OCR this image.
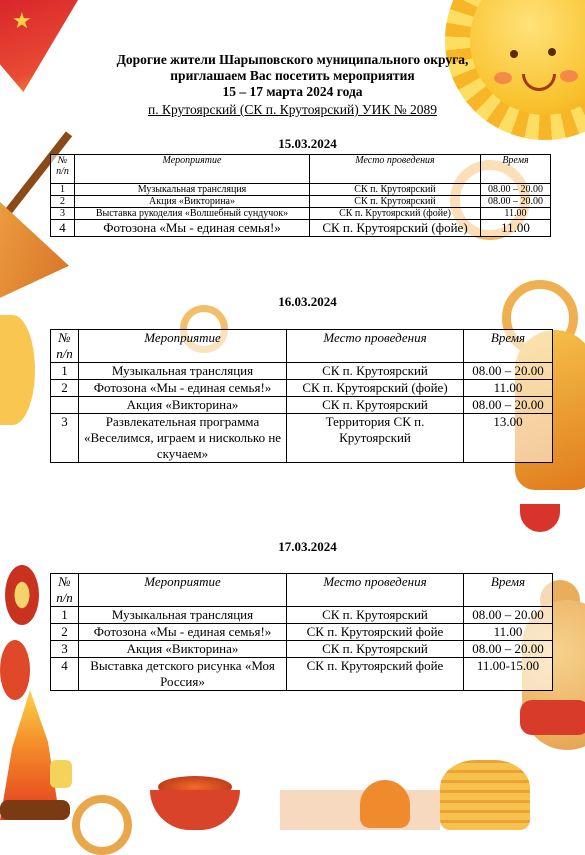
★
Дорогие жители Шарыповского муниципального округа,
приглашаем Вас посетить мероприятия
15 – 17 марта 2024 года
п. Крутоярский (СК п. Крутоярский) УИК № 2089
15.03.2024
№ п/п	Мероприятие	Место проведения	Время
1	Музыкальная трансляция	СК п. Крутоярский	08.00 – 20.00
2	Акция «Викторина»	СК п. Крутоярский	08.00 – 20.00
3	Выставка рукоделия «Волшебный сундучок»	СК п. Крутоярский (фойе)	11.00
4	Фотозона «Мы - единая семья!»	СК п. Крутоярский (фойе)	11.00
16.03.2024
№ п/п	Мероприятие	Место проведения	Время
1	Музыкальная трансляция	СК п. Крутоярский	08.00 – 20.00
2	Фотозона «Мы - единая семья!»	СК п. Крутоярский (фойе)	11.00
	Акция «Викторина»	СК п. Крутоярский	08.00 – 20.00
3	Развлекательная программа «Веселимся, играем и нисколько не скучаем»	Территория СК п. Крутоярский	13.00
17.03.2024
№ п/п	Мероприятие	Место проведения	Время
1	Музыкальная трансляция	СК п. Крутоярский	08.00 – 20.00
2	Фотозона «Мы - единая семья!»	СК п. Крутоярский фойе	11.00
3	Акция «Викторина»	СК п. Крутоярский	08.00 – 20.00
4	Выставка детского рисунка «Моя Россия»	СК п. Крутоярский фойе	11.00-15.00
